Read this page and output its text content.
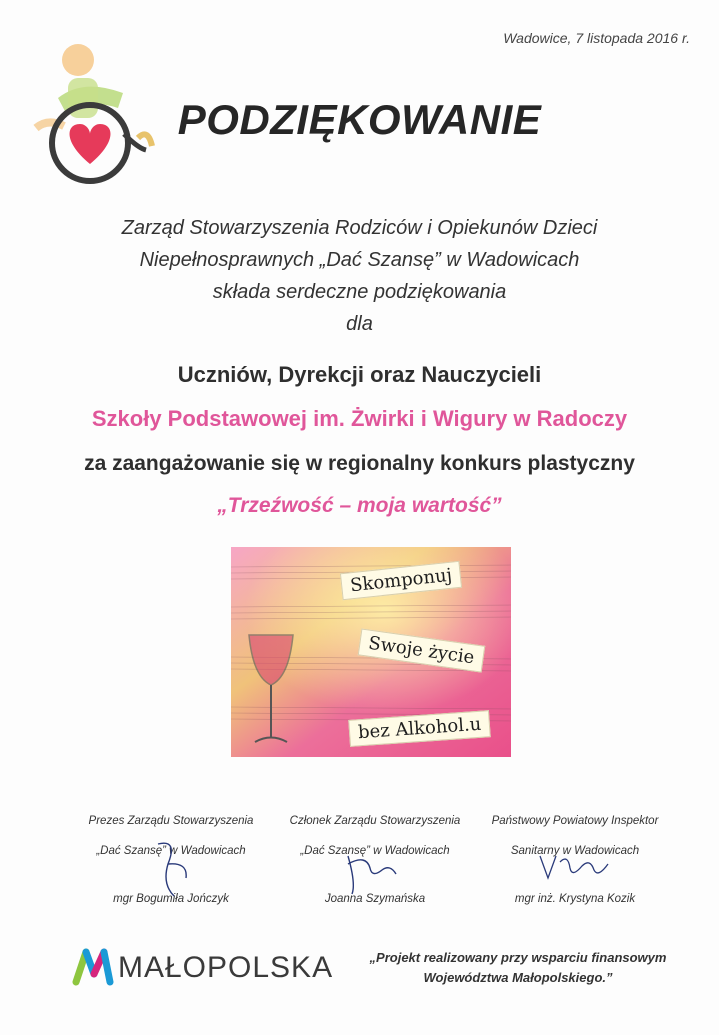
Wadowice, 7 listopada 2016 r.
PODZIĘKOWANIE
Zarząd Stowarzyszenia Rodziców i Opiekunów Dzieci
Niepełnosprawnych „Dać Szansę” w Wadowicach
składa serdeczne podziękowania
dla
Uczniów, Dyrekcji oraz Nauczycieli
Szkoły Podstawowej im. Żwirki i Wigury w Radoczy
za zaangażowanie się w regionalny konkurs plastyczny
„Trzeźwość – moja wartość”
Skomponuj
Swoje życie
bez Alkohol.u
Prezes Zarządu Stowarzyszenia
„Dać Szansę” w Wadowicach
mgr Bogumiła Jończyk
Członek Zarządu Stowarzyszenia
„Dać Szansę” w Wadowicach
Joanna Szymańska
Państwowy Powiatowy Inspektor
Sanitarny w Wadowicach
mgr inż. Krystyna Kozik
MAŁOPOLSKA	„Projekt realizowany przy wsparciu finansowym
Województwa Małopolskiego.”
